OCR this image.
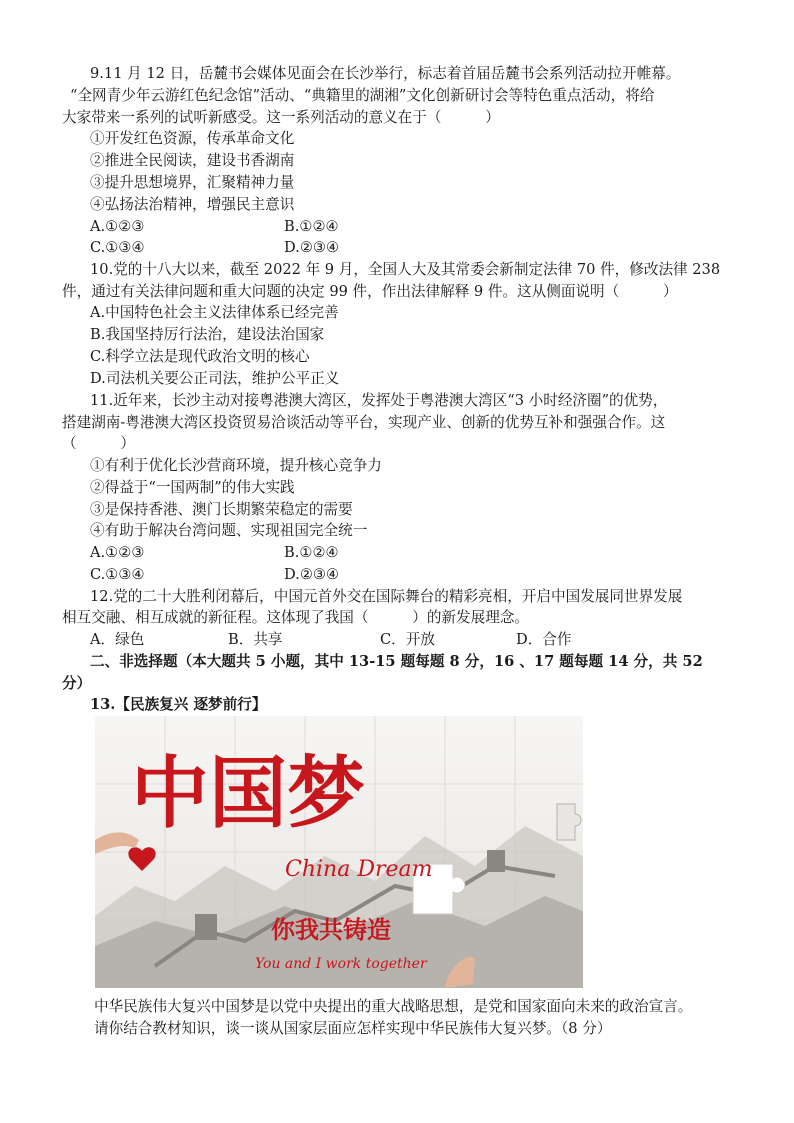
9.11 月 12 日，岳麓书会媒体见面会在长沙举行，标志着首届岳麓书会系列活动拉开帷幕。
“全网青少年云游红色纪念馆”活动、“典籍里的湖湘”文化创新研讨会等特色重点活动，将给
大家带来一系列的试听新感受。这一系列活动的意义在于（　　　）
①开发红色资源，传承革命文化
②推进全民阅读，建设书香湖南
③提升思想境界，汇聚精神力量
④弘扬法治精神，增强民主意识
A.①②③	B.①②④
C.①③④	D.②③④
10.党的十八大以来，截至 2022 年 9 月，全国人大及其常委会新制定法律 70 件，修改法律 238
件，通过有关法律问题和重大问题的决定 99 件，作出法律解释 9 件。这从侧面说明（　　　）
A.中国特色社会主义法律体系已经完善
B.我国坚持厉行法治，建设法治国家
C.科学立法是现代政治文明的核心
D.司法机关要公正司法，维护公平正义
11.近年来，长沙主动对接粤港澳大湾区，发挥处于粤港澳大湾区“3 小时经济圈”的优势，
搭建湖南-粤港澳大湾区投资贸易洽谈活动等平台，实现产业、创新的优势互补和强强合作。这
（　　　）
①有利于优化长沙营商环境，提升核心竞争力
②得益于“一国两制”的伟大实践
③是保持香港、澳门长期繁荣稳定的需要
④有助于解决台湾问题、实现祖国完全统一
A.①②③	B.①②④
C.①③④	D.②③④
12.党的二十大胜利闭幕后，中国元首外交在国际舞台的精彩亮相，开启中国发展同世界发展
相互交融、相互成就的新征程。这体现了我国（　　　）的新发展理念。
A．绿色	B．共享	C．开放	D．合作
二、非选择题（本大题共 5 小题，其中 13-15 题每题 8 分，16 、17 题每题 14 分，共 52
分）
13.【民族复兴 逐梦前行】
中国梦
China Dream
你我共铸造
You and I work together
中华民族伟大复兴中国梦是以党中央提出的重大战略思想，是党和国家面向未来的政治宣言。
请你结合教材知识，谈一谈从国家层面应怎样实现中华民族伟大复兴梦。（8 分）
